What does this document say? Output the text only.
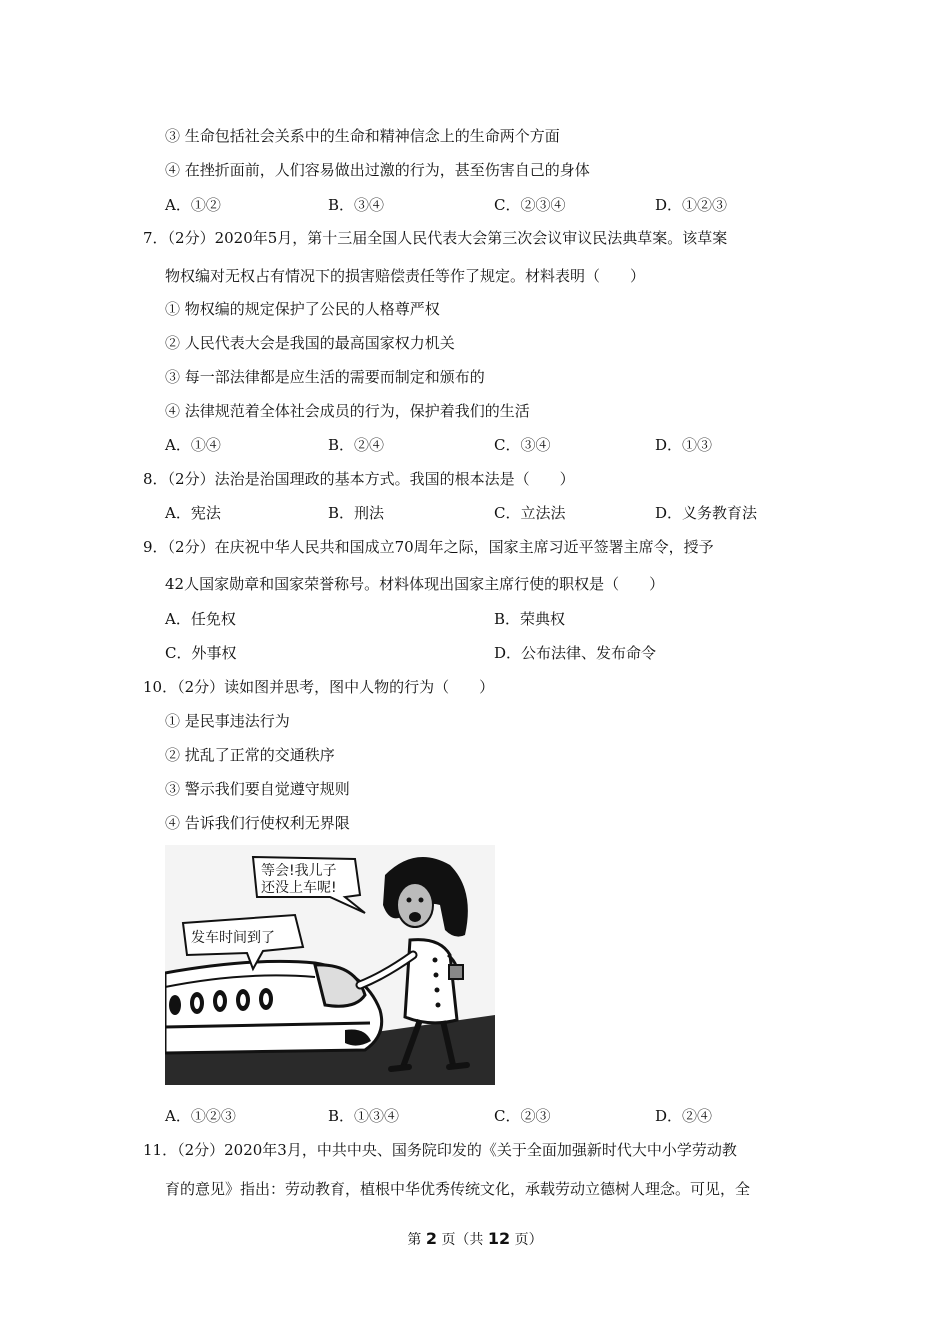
③ 生命包括社会关系中的生命和精神信念上的生命两个方面
④ 在挫折面前，人们容易做出过激的行为，甚至伤害自己的身体
A．①②	B．③④	C．②③④	D．①②③
7．（2分）2020年5月，第十三届全国人民代表大会第三次会议审议民法典草案。该草案
物权编对无权占有情况下的损害赔偿责任等作了规定。材料表明（　　）
① 物权编的规定保护了公民的人格尊严权
② 人民代表大会是我国的最高国家权力机关
③ 每一部法律都是应生活的需要而制定和颁布的
④ 法律规范着全体社会成员的行为，保护着我们的生活
A．①④	B．②④	C．③④	D．①③
8．（2分）法治是治国理政的基本方式。我国的根本法是（　　）
A．宪法	B．刑法	C．立法法	D．义务教育法
9．（2分）在庆祝中华人民共和国成立70周年之际，国家主席习近平签署主席令，授予
42人国家勋章和国家荣誉称号。材料体现出国家主席行使的职权是（　　）
A．任免权	B．荣典权
C．外事权	D．公布法律、发布命令
10．（2分）读如图并思考，图中人物的行为（　　）
① 是民事违法行为
② 扰乱了正常的交通秩序
③ 警示我们要自觉遵守规则
④ 告诉我们行使权利无界限
等会!我儿子
还没上车呢!
发车时间到了
A．①②③	B．①③④	C．②③	D．②④
11．（2分）2020年3月，中共中央、国务院印发的《关于全面加强新时代大中小学劳动教
育的意见》指出：劳动教育，植根中华优秀传统文化，承载劳动立德树人理念。可见，全
第 2 页（共 12 页）
